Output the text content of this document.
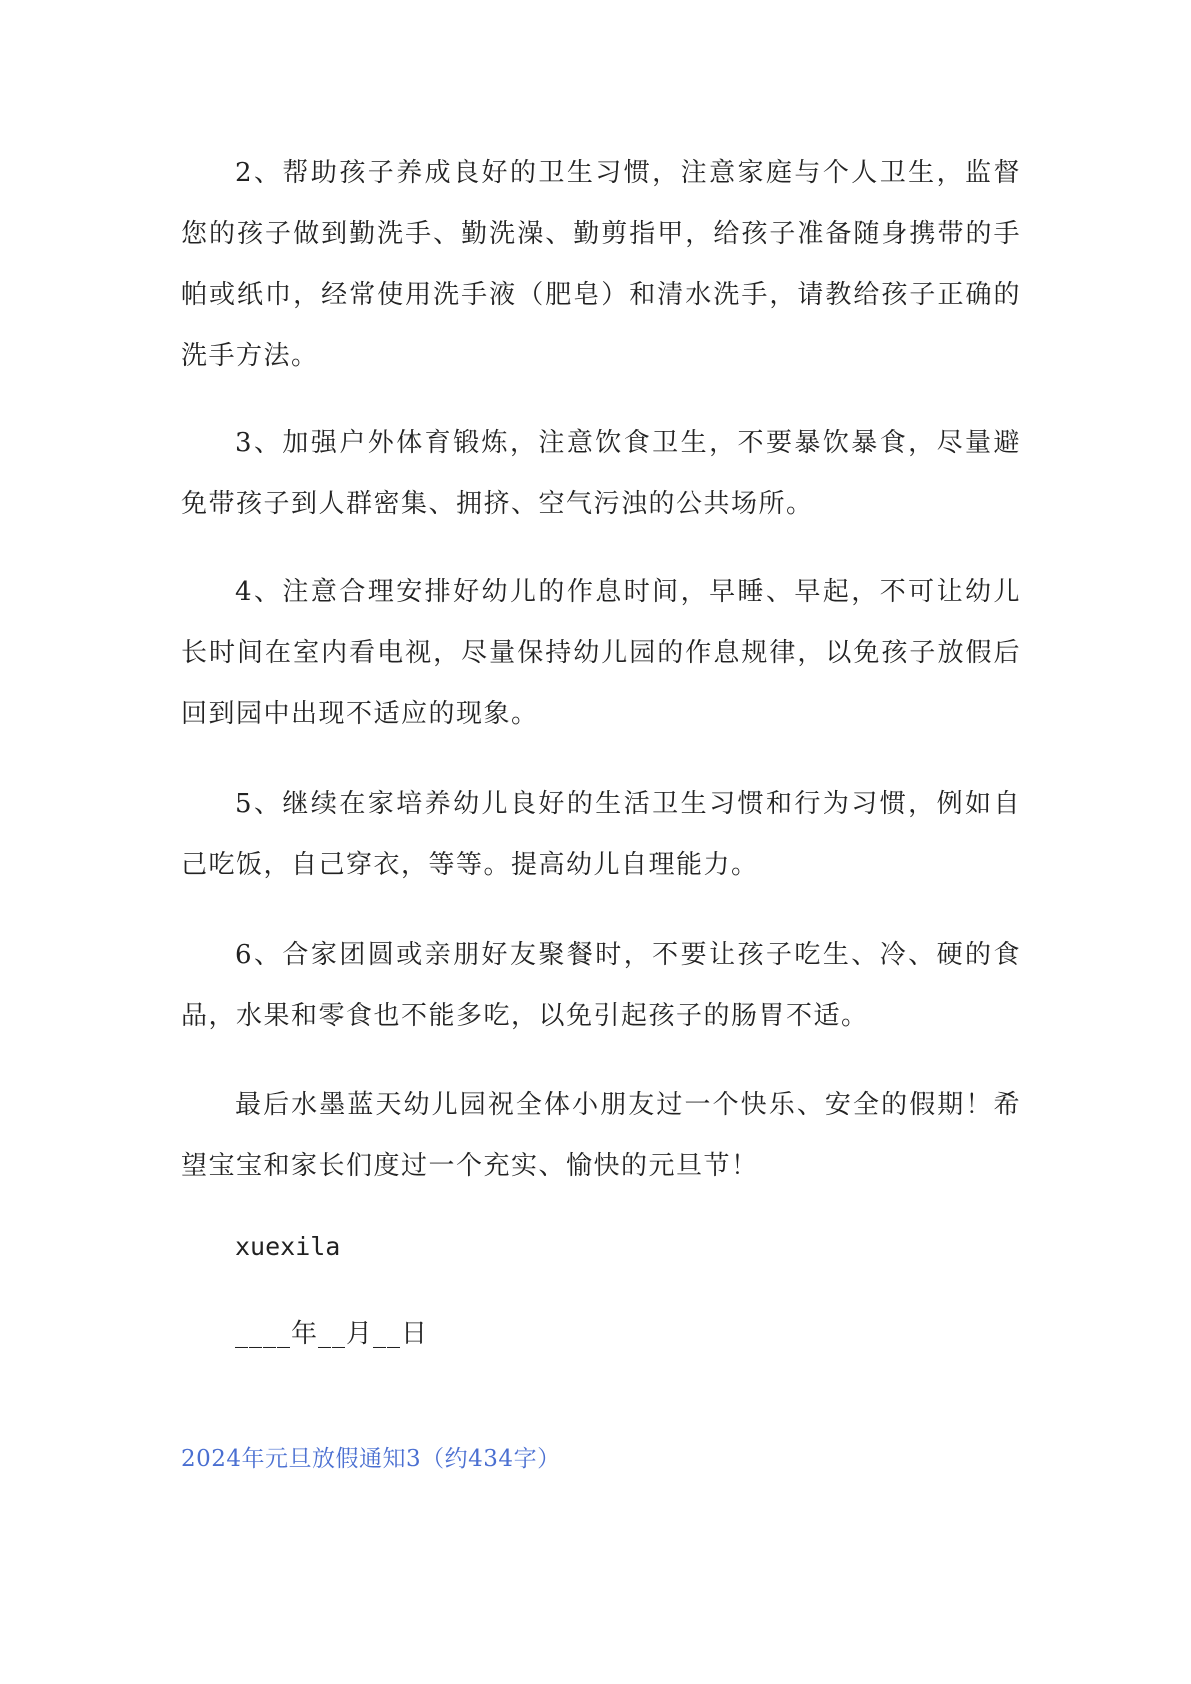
2、帮助孩子养成良好的卫生习惯，注意家庭与个人卫生，监督您的孩子做到勤洗手、勤洗澡、勤剪指甲，给孩子准备随身携带的手帕或纸巾，经常使用洗手液（肥皂）和清水洗手，请教给孩子正确的洗手方法。

3、加强户外体育锻炼，注意饮食卫生，不要暴饮暴食，尽量避免带孩子到人群密集、拥挤、空气污浊的公共场所。

4、注意合理安排好幼儿的作息时间，早睡、早起，不可让幼儿长时间在室内看电视，尽量保持幼儿园的作息规律，以免孩子放假后回到园中出现不适应的现象。

5、继续在家培养幼儿良好的生活卫生习惯和行为习惯，例如自己吃饭，自己穿衣，等等。提高幼儿自理能力。

6、合家团圆或亲朋好友聚餐时，不要让孩子吃生、冷、硬的食品，水果和零食也不能多吃，以免引起孩子的肠胃不适。

最后水墨蓝天幼儿园祝全体小朋友过一个快乐、安全的假期！希望宝宝和家长们度过一个充实、愉快的元旦节！

xuexila

____年__月__日

2024年元旦放假通知3（约434字）
